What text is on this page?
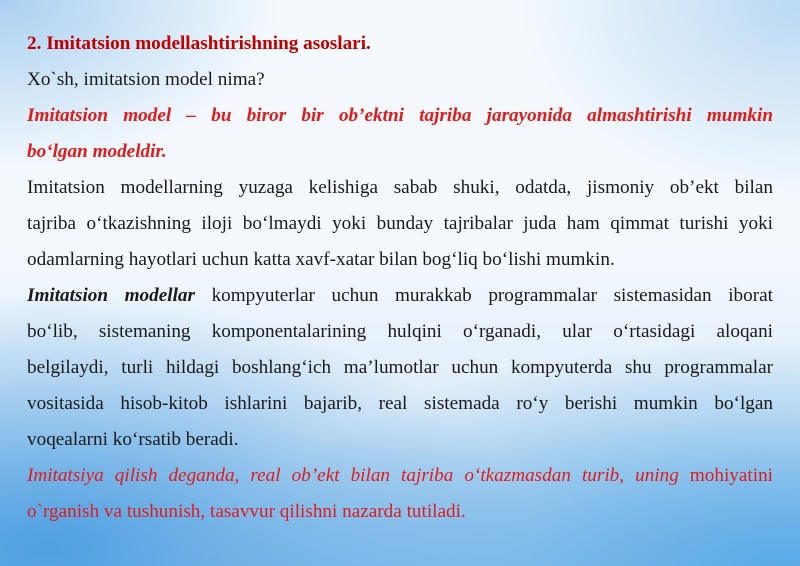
2. Imitatsion modellashtirishning asoslari.
Xo`sh, imitatsion model nima?
Imitatsion model – bu biror bir ob’ektni tajriba jarayonida almashtirishi mumkin
bo‘lgan modeldir.
Imitatsion modellarning yuzaga kelishiga sabab shuki, odatda, jismoniy ob’ekt bilan
tajriba o‘tkazishning iloji bo‘lmaydi yoki bunday tajribalar juda ham qimmat turishi yoki
odamlarning hayotlari uchun katta xavf-xatar bilan bog‘liq bo‘lishi mumkin.
Imitatsion modellar kompyuterlar uchun murakkab programmalar sistemasidan iborat
bo‘lib, sistemaning komponentalarining hulqini o‘rganadi, ular o‘rtasidagi aloqani
belgilaydi, turli hildagi boshlang‘ich ma’lumotlar uchun kompyuterda shu programmalar
vositasida hisob-kitob ishlarini bajarib, real sistemada ro‘y berishi mumkin bo‘lgan
voqealarni ko‘rsatib beradi.
Imitatsiya qilish deganda, real ob’ekt bilan tajriba o‘tkazmasdan turib, uning mohiyatini
o`rganish va tushunish, tasavvur qilishni nazarda tutiladi.
